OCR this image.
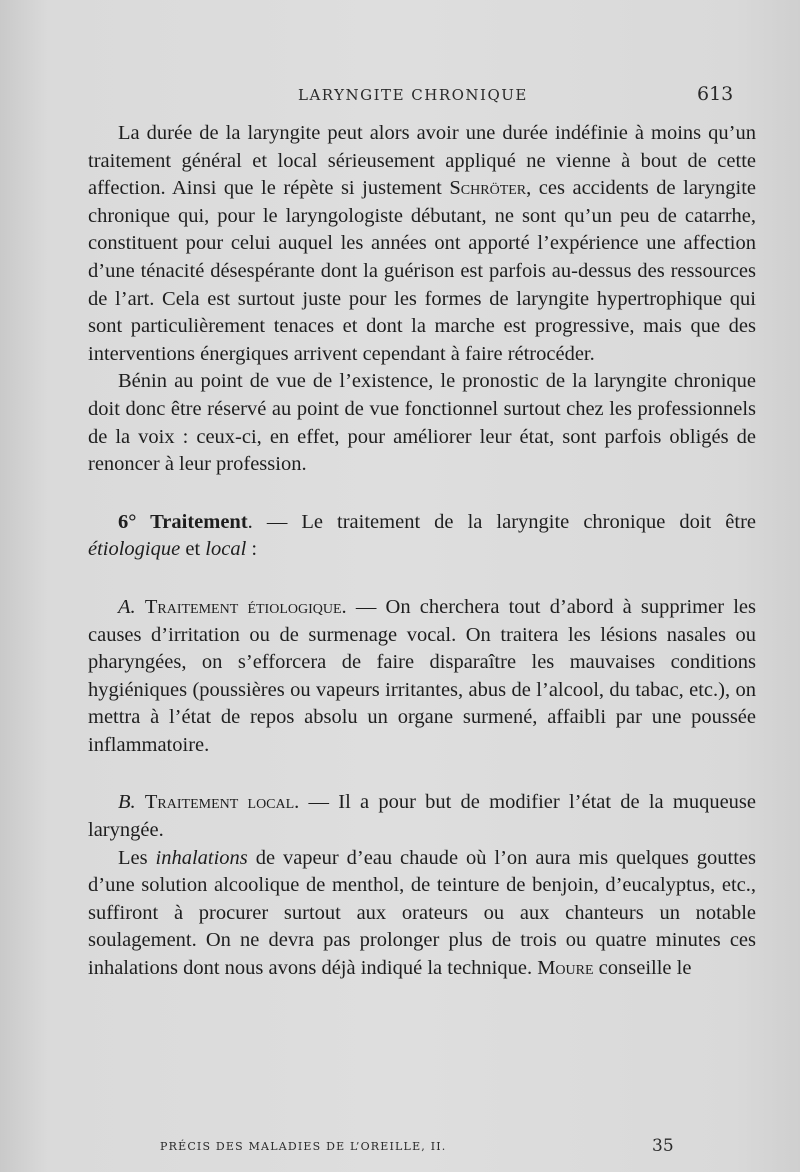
LARYNGITE CHRONIQUE	613

La durée de la laryngite peut alors avoir une durée indéfinie à moins qu’un traitement général et local sérieusement appliqué ne vienne à bout de cette affection. Ainsi que le répète si justement Schröter, ces accidents de laryngite chronique qui, pour le laryngologiste débutant, ne sont qu’un peu de catarrhe, constituent pour celui auquel les années ont apporté l’expérience une affection d’une ténacité désespérante dont la guérison est parfois au-dessus des ressources de l’art. Cela est surtout juste pour les formes de laryngite hypertrophique qui sont particulièrement tenaces et dont la marche est progressive, mais que des interventions énergiques arrivent cependant à faire rétrocéder.

Bénin au point de vue de l’existence, le pronostic de la laryngite chronique doit donc être réservé au point de vue fonctionnel surtout chez les professionnels de la voix : ceux-ci, en effet, pour améliorer leur état, sont parfois obligés de renoncer à leur profession.

6° Traitement. — Le traitement de la laryngite chronique doit être étiologique et local :

A. Traitement étiologique. — On cherchera tout d’abord à supprimer les causes d’irritation ou de surmenage vocal. On traitera les lésions nasales ou pharyngées, on s’efforcera de faire disparaître les mauvaises conditions hygiéniques (poussières ou vapeurs irritantes, abus de l’alcool, du tabac, etc.), on mettra à l’état de repos absolu un organe surmené, affaibli par une poussée inflammatoire.

B. Traitement local. — Il a pour but de modifier l’état de la muqueuse laryngée.

Les inhalations de vapeur d’eau chaude où l’on aura mis quelques gouttes d’une solution alcoolique de menthol, de teinture de benjoin, d’eucalyptus, etc., suffiront à procurer surtout aux orateurs ou aux chanteurs un notable soulagement. On ne devra pas prolonger plus de trois ou quatre minutes ces inhalations dont nous avons déjà indiqué la technique. Moure conseille le

PRÉCIS DES MALADIES DE L’OREILLE, II.	35
